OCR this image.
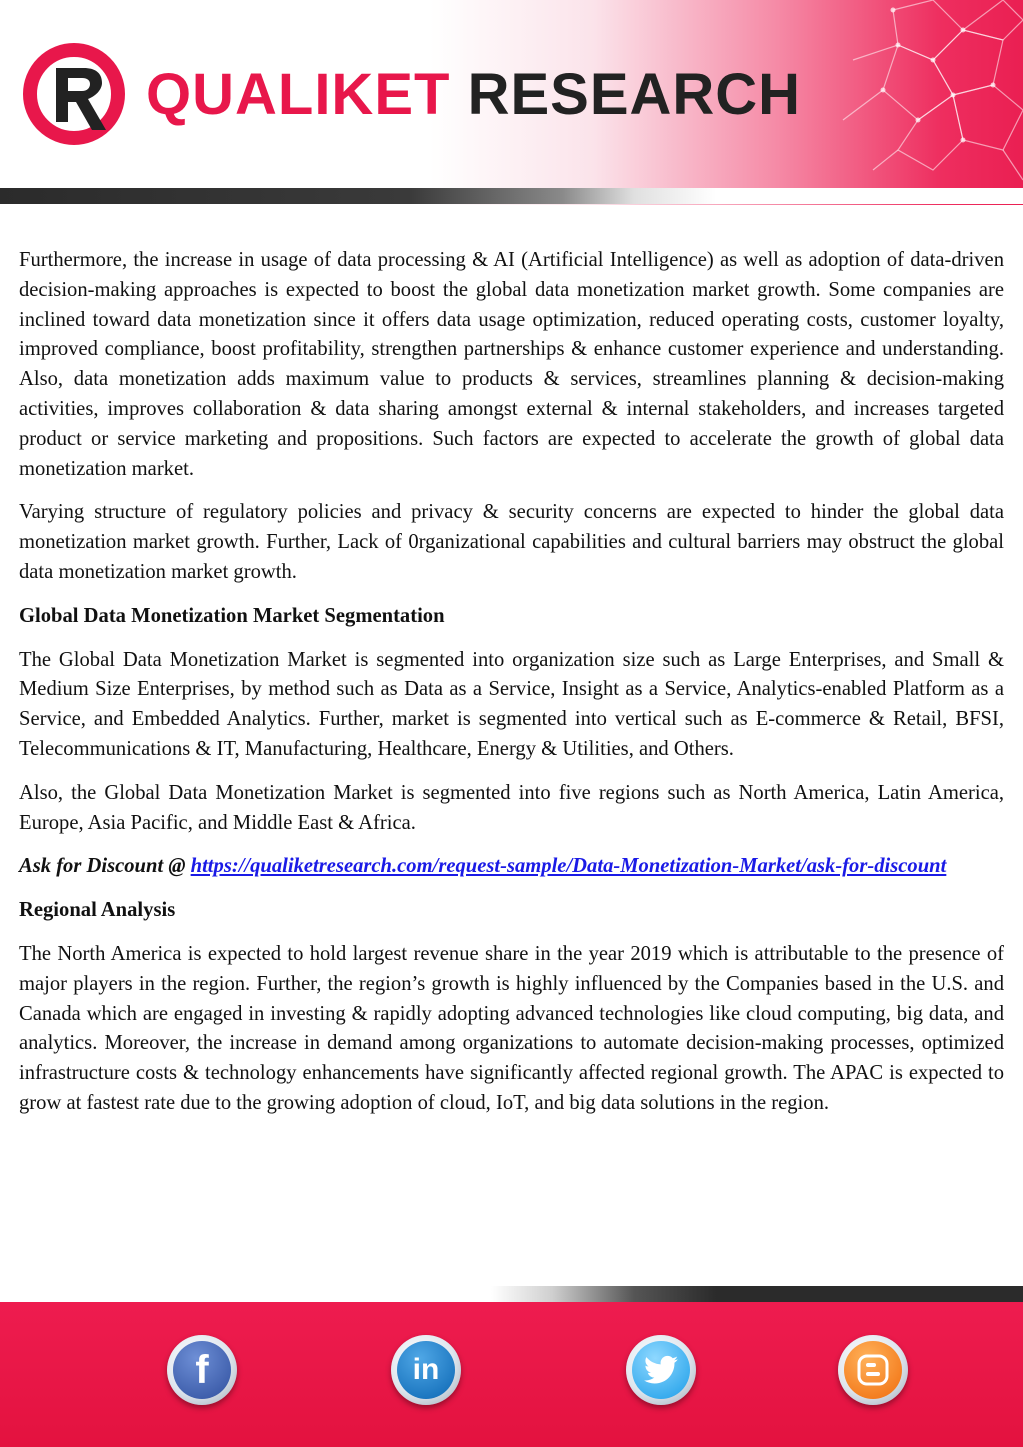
QUALIKET RESEARCH

Furthermore, the increase in usage of data processing & AI (Artificial Intelligence) as well as adoption of data-driven decision-making approaches is expected to boost the global data monetization market growth. Some companies are inclined toward data monetization since it offers data usage optimization, reduced operating costs, customer loyalty, improved compliance, boost profitability, strengthen partnerships & enhance customer experience and understanding. Also, data monetization adds maximum value to products & services, streamlines planning & decision-making activities, improves collaboration & data sharing amongst external & internal stakeholders, and increases targeted product or service marketing and propositions. Such factors are expected to accelerate the growth of global data monetization market.

Varying structure of regulatory policies and privacy & security concerns are expected to hinder the global data monetization market growth. Further, Lack of 0rganizational capabilities and cultural barriers may obstruct the global data monetization market growth.

Global Data Monetization Market Segmentation

The Global Data Monetization Market is segmented into organization size such as Large Enterprises, and Small & Medium Size Enterprises, by method such as Data as a Service, Insight as a Service, Analytics-enabled Platform as a Service, and Embedded Analytics. Further, market is segmented into vertical such as E-commerce & Retail, BFSI, Telecommunications & IT, Manufacturing, Healthcare, Energy & Utilities, and Others.

Also, the Global Data Monetization Market is segmented into five regions such as North America, Latin America, Europe, Asia Pacific, and Middle East & Africa.

Ask for Discount @ https://qualiketresearch.com/request-sample/Data-Monetization-Market/ask-for-discount

Regional Analysis

The North America is expected to hold largest revenue share in the year 2019 which is attributable to the presence of major players in the region. Further, the region’s growth is highly influenced by the Companies based in the U.S. and Canada which are engaged in investing & rapidly adopting advanced technologies like cloud computing, big data, and analytics. Moreover, the increase in demand among organizations to automate decision-making processes, optimized infrastructure costs & technology enhancements have significantly affected regional growth. The APAC is expected to grow at fastest rate due to the growing adoption of cloud, IoT, and big data solutions in the region.

f	in
